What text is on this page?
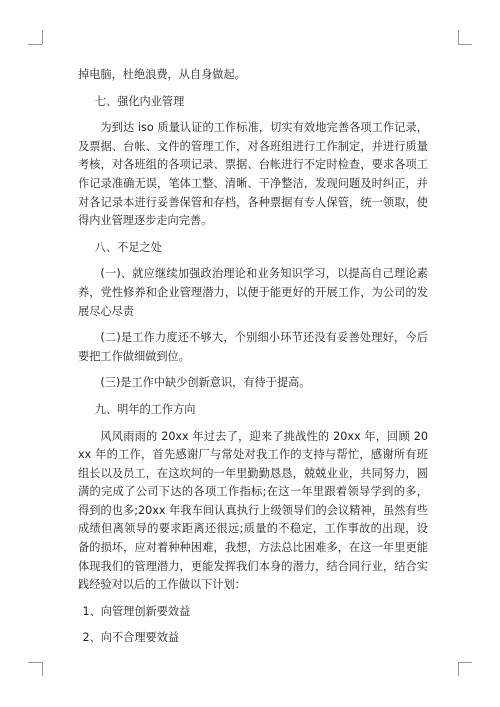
掉电脑，杜绝浪费，从自身做起。

七、强化内业管理

为到达 iso 质量认证的工作标准，切实有效地完善各项工作记录，及票据、台帐、文件的管理工作，对各班组进行工作制定，并进行质量考核，对各班组的各项记录、票据、台帐进行不定时检查，要求各项工作记录准确无误，笔体工整、清晰、干净整洁，发现问题及时纠正，并对各记录本进行妥善保管和存档，各种票据有专人保管，统一领取，使得内业管理逐步走向完善。

八、不足之处

(一)、就应继续加强政治理论和业务知识学习，以提高自己理论素养，党性修养和企业管理潜力，以便于能更好的开展工作，为公司的发展尽心尽责

(二)是工作力度还不够大，个别细小环节还没有妥善处理好，今后要把工作做细做到位。

(三)是工作中缺少创新意识，有待于提高。

九、明年的工作方向

风风雨雨的 20xx 年过去了，迎来了挑战性的 20xx 年，回顾 20xx 年的工作，首先感谢厂与常处对我工作的支持与帮忙，感谢所有班组长以及员工，在这坎坷的一年里勤勤恳恳，兢兢业业，共同努力，圆满的完成了公司下达的各项工作指标;在这一年里跟着领导学到的多，得到的也多;20xx 年我车间认真执行上级领导们的会议精神，虽然有些成绩但离领导的要求距离还很远;质量的不稳定，工作事故的出现，设备的损坏，应对着种种困难，我想，方法总比困难多，在这一年里更能体现我们的管理潜力，更能发挥我们本身的潜力，结合同行业，结合实践经验对以后的工作做以下计划：

1、向管理创新要效益

2、向不合理要效益
